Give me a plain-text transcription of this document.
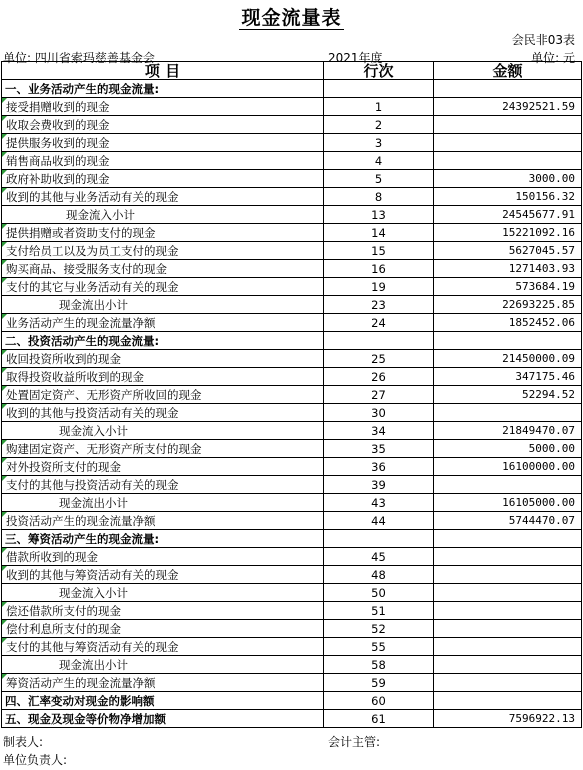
现金流量表
会民非03表
单位: 四川省索玛慈善基金会	2021年度	单位: 元
项 目	行次	金额
一、业务活动产生的现金流量:		
接受捐赠收到的现金	1	24392521.59
收取会费收到的现金	2	
提供服务收到的现金	3	
销售商品收到的现金	4	
政府补助收到的现金	5	3000.00
收到的其他与业务活动有关的现金	8	150156.32
现金流入小计	13	24545677.91
提供捐赠或者资助支付的现金	14	15221092.16
支付给员工以及为员工支付的现金	15	5627045.57
购买商品、接受服务支付的现金	16	1271403.93
支付的其它与业务活动有关的现金	19	573684.19
现金流出小计	23	22693225.85
业务活动产生的现金流量净额	24	1852452.06
二、投资活动产生的现金流量:		
收回投资所收到的现金	25	21450000.09
取得投资收益所收到的现金	26	347175.46
处置固定资产、无形资产所收回的现金	27	52294.52
收到的其他与投资活动有关的现金	30	
现金流入小计	34	21849470.07
购建固定资产、无形资产所支付的现金	35	5000.00
对外投资所支付的现金	36	16100000.00
支付的其他与投资活动有关的现金	39	
现金流出小计	43	16105000.00
投资活动产生的现金流量净额	44	5744470.07
三、筹资活动产生的现金流量:		
借款所收到的现金	45	
收到的其他与筹资活动有关的现金	48	
现金流入小计	50	
偿还借款所支付的现金	51	
偿付利息所支付的现金	52	
支付的其他与筹资活动有关的现金	55	
现金流出小计	58	
筹资活动产生的现金流量净额	59	
四、汇率变动对现金的影响额	60	
五、现金及现金等价物净增加额	61	7596922.13
制表人:	会计主管:
单位负责人:
